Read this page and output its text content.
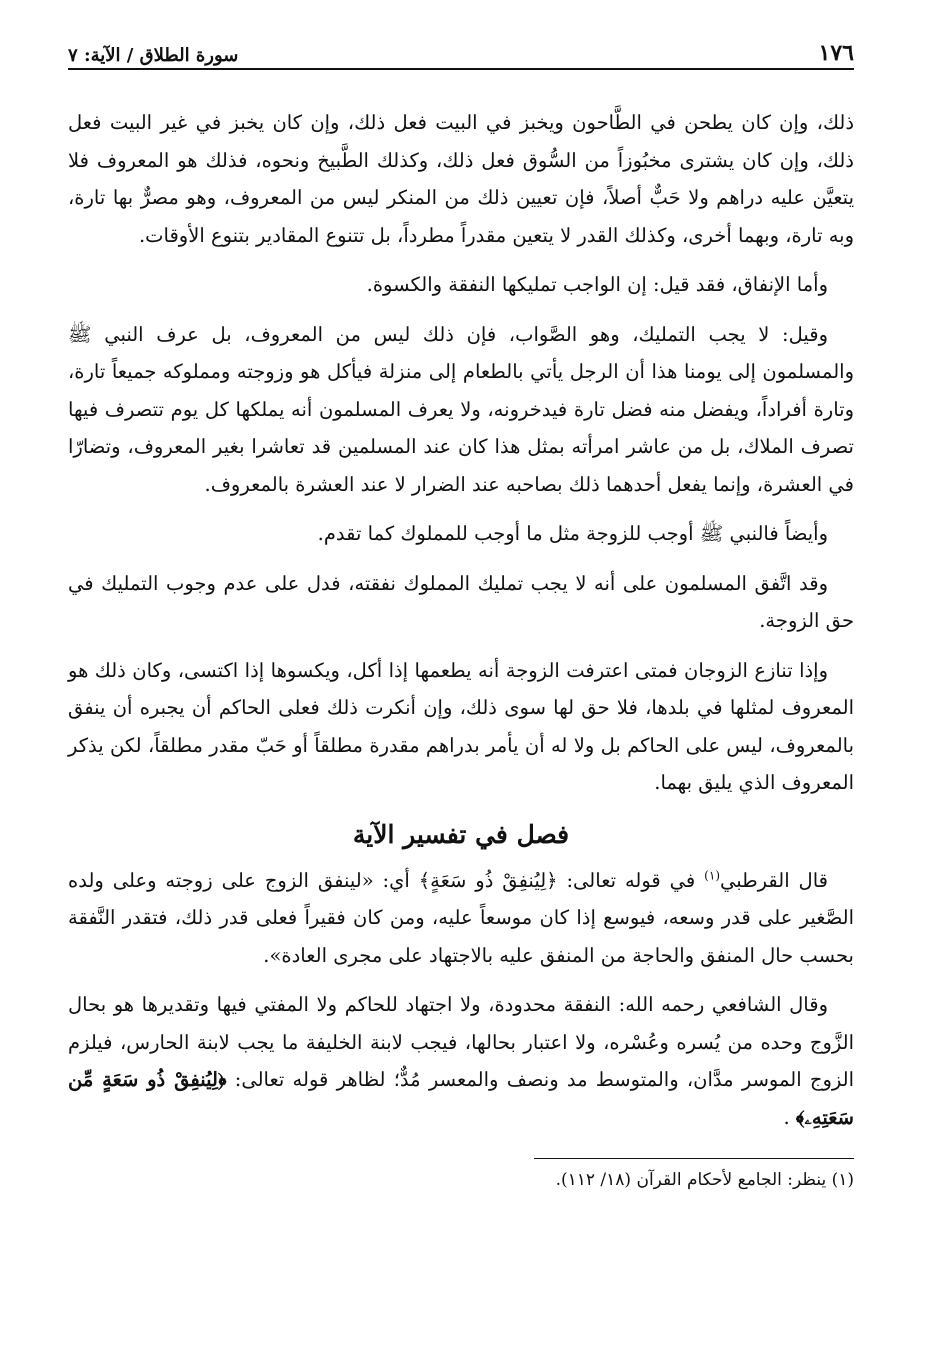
١٧٦
سورة الطلاق / الآية: ٧

ذلك، وإن كان يطحن في الطَّاحون ويخبز في البيت فعل ذلك، وإن كان يخبز في غير البيت فعل ذلك، وإن كان يشترى مخبُوزاً من السُّوق فعل ذلك، وكذلك الطَّبيخ ونحوه، فذلك هو المعروف فلا يتعيَّن عليه دراهم ولا حَبٌّ أصلاً، فإن تعيين ذلك من المنكر ليس من المعروف، وهو مصرٌّ بها تارة، وبه تارة، وبهما أخرى، وكذلك القدر لا يتعين مقدراً مطرداً، بل تتنوع المقادير بتنوع الأوقات.

وأما الإنفاق، فقد قيل: إن الواجب تمليكها النفقة والكسوة.

وقيل: لا يجب التمليك، وهو الصَّواب، فإن ذلك ليس من المعروف، بل عرف النبي ﷺ والمسلمون إلى يومنا هذا أن الرجل يأتي بالطعام إلى منزلة فيأكل هو وزوجته ومملوكه جميعاً تارة، وتارة أفراداً، ويفضل منه فضل تارة فيدخرونه، ولا يعرف المسلمون أنه يملكها كل يوم تتصرف فيها تصرف الملاك، بل من عاشر امرأته بمثل هذا كان عند المسلمين قد تعاشرا بغير المعروف، وتضارّا في العشرة، وإنما يفعل أحدهما ذلك بصاحبه عند الضرار لا عند العشرة بالمعروف.

وأيضاً فالنبي ﷺ أوجب للزوجة مثل ما أوجب للمملوك كما تقدم.

وقد اتَّفق المسلمون على أنه لا يجب تمليك المملوك نفقته، فدل على عدم وجوب التمليك في حق الزوجة.

وإذا تنازع الزوجان فمتى اعترفت الزوجة أنه يطعمها إذا أكل، ويكسوها إذا اكتسى، وكان ذلك هو المعروف لمثلها في بلدها، فلا حق لها سوى ذلك، وإن أنكرت ذلك فعلى الحاكم أن يجبره أن ينفق بالمعروف، ليس على الحاكم بل ولا له أن يأمر بدراهم مقدرة مطلقاً أو حَبّ مقدر مطلقاً، لكن يذكر المعروف الذي يليق بهما.

فصل في تفسير الآية

قال القرطبي$^{(١)}$ في قوله تعالى: ﴿لِيُنفِقْ ذُو سَعَةٍ﴾ أي: «لينفق الزوج على زوجته وعلى ولده الصَّغير على قدر وسعه، فيوسع إذا كان موسعاً عليه، ومن كان فقيراً فعلى قدر ذلك، فتقدر النَّفقة بحسب حال المنفق والحاجة من المنفق عليه بالاجتهاد على مجرى العادة».

وقال الشافعي رحمه الله: النفقة محدودة، ولا اجتهاد للحاكم ولا المفتي فيها وتقديرها هو بحال الزَّوج وحده من يُسره وعُسْره، ولا اعتبار بحالها، فيجب لابنة الخليفة ما يجب لابنة الحارس، فيلزم الزوج الموسر مدَّان، والمتوسط مد ونصف والمعسر مُدٌّ؛ لظاهر قوله تعالى: ﴿لِيُنفِقْ ذُو سَعَةٍ مِّن سَعَتِهِۦ﴾ .

(١) ينظر: الجامع لأحكام القرآن (١٨/ ١١٢).
